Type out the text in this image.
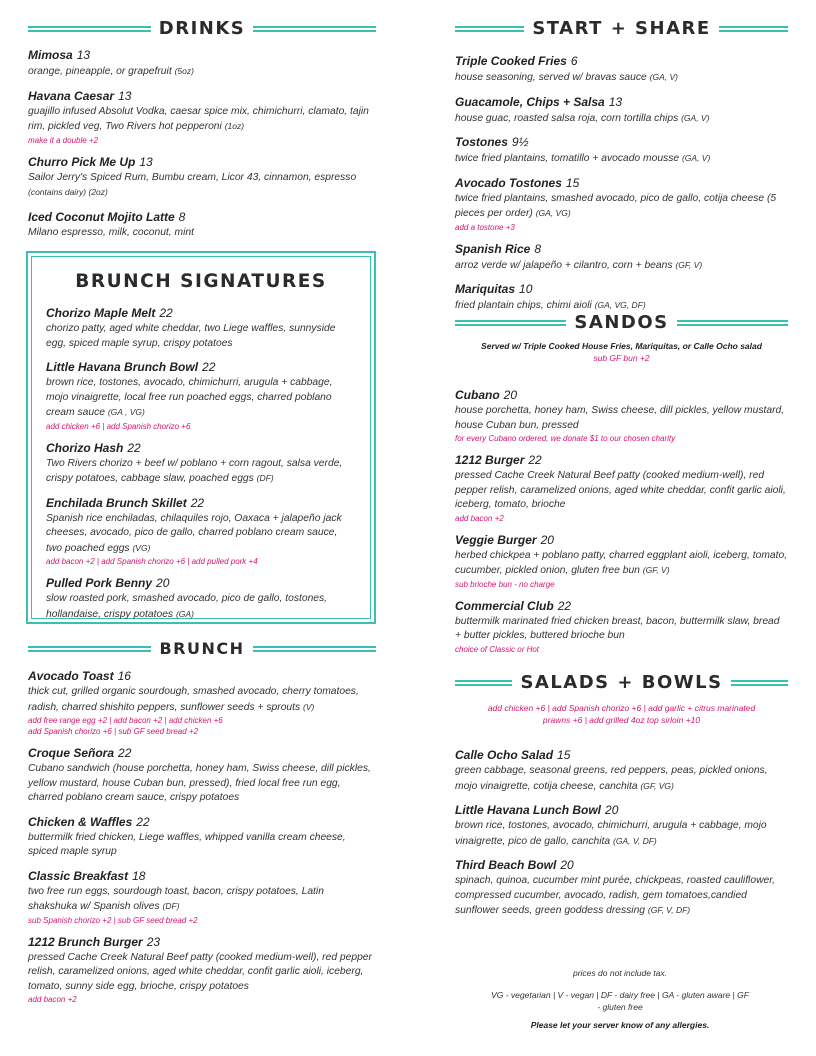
DRINKS
Mimosa 13
orange, pineapple, or grapefruit (5oz)
Havana Caesar 13
guajillo infused Absolut Vodka, caesar spice mix, chimichurri, clamato, tajin rim, pickled veg, Two Rivers hot pepperoni (1oz)
make it a double +2
Churro Pick Me Up 13
Sailor Jerry's Spiced Rum, Bumbu cream, Licor 43, cinnamon, espresso (contains dairy) (2oz)
Iced Coconut Mojito Latte 8
Milano espresso, milk, coconut, mint
BRUNCH SIGNATURES
Chorizo Maple Melt 22
chorizo patty, aged white cheddar, two Liege waffles, sunnyside egg, spiced maple syrup, crispy potatoes
Little Havana Brunch Bowl 22
brown rice, tostones, avocado, chimichurri, arugula + cabbage, mojo vinaigrette, local free run poached eggs, charred poblano cream sauce (GA , VG)
add chicken +6 | add Spanish chorizo +6
Chorizo Hash 22
Two Rivers chorizo + beef w/ poblano + corn ragout, salsa verde, crispy potatoes, cabbage slaw, poached eggs (DF)
Enchilada Brunch Skillet 22
Spanish rice enchiladas, chilaquiles rojo, Oaxaca + jalapeño jack cheeses, avocado, pico de gallo, charred poblano cream sauce, two poached eggs (VG)
add bacon +2 | add Spanish chorizo +6 | add pulled pork +4
Pulled Pork Benny 20
slow roasted pork, smashed avocado, pico de gallo, tostones, hollandaise, crispy potatoes (GA)
BRUNCH
Avocado Toast 16
thick cut, grilled organic sourdough, smashed avocado, cherry tomatoes, radish, charred shishito peppers, sunflower seeds + sprouts (V)
add free range egg +2 | add bacon +2 | add chicken +6
add Spanish chorizo +6 | sub GF seed bread +2
Croque Señora 22
Cubano sandwich (house porchetta, honey ham, Swiss cheese, dill pickles, yellow mustard, house Cuban bun, pressed), fried local free run egg, charred poblano cream sauce, crispy potatoes
Chicken & Waffles 22
buttermilk fried chicken, Liege waffles, whipped vanilla cream cheese, spiced maple syrup
Classic Breakfast 18
two free run eggs, sourdough toast, bacon, crispy potatoes, Latin shakshuka w/ Spanish olives (DF)
sub Spanish chorizo +2 | sub GF seed bread +2
1212 Brunch Burger 23
pressed Cache Creek Natural Beef patty (cooked medium-well), red pepper relish, caramelized onions, aged white cheddar, confit garlic aioli, iceberg, tomato, sunny side egg, brioche, crispy potatoes
add bacon +2
START + SHARE
Triple Cooked Fries 6
house seasoning, served w/ bravas sauce (GA, V)
Guacamole, Chips + Salsa 13
house guac, roasted salsa roja, corn tortilla chips (GA, V)
Tostones 9½
twice fried plantains, tomatillo + avocado mousse (GA, V)
Avocado Tostones 15
twice fried plantains, smashed avocado, pico de gallo, cotija cheese (5 pieces per order) (GA, VG)
add a tostone +3
Spanish Rice 8
arroz verde w/ jalapeño + cilantro, corn + beans (GF, V)
Mariquitas 10
fried plantain chips, chimi aioli (GA, VG, DF)
SANDOS
Served w/ Triple Cooked House Fries, Mariquitas, or Calle Ocho salad
sub GF bun +2
Cubano 20
house porchetta, honey ham, Swiss cheese, dill pickles, yellow mustard, house Cuban bun, pressed
for every Cubano ordered, we donate $1 to our chosen charity
1212 Burger 22
pressed Cache Creek Natural Beef patty (cooked medium-well), red pepper relish, caramelized onions, aged white cheddar, confit garlic aioli, iceberg, tomato, brioche
add bacon +2
Veggie Burger 20
herbed chickpea + poblano patty, charred eggplant aioli, iceberg, tomato, cucumber, pickled onion, gluten free bun (GF, V)
sub brioche bun - no charge
Commercial Club 22
buttermilk marinated fried chicken breast, bacon, buttermilk slaw, bread + butter pickles, buttered brioche bun
choice of Classic or Hot
SALADS + BOWLS
add chicken +6 | add Spanish chorizo +6 | add garlic + citrus marinated prawns +6 | add grilled 4oz top sirloin +10
Calle Ocho Salad 15
green cabbage, seasonal greens, red peppers, peas, pickled onions, mojo vinaigrette, cotija cheese, canchita (GF, VG)
Little Havana Lunch Bowl 20
brown rice, tostones, avocado, chimichurri, arugula + cabbage, mojo vinaigrette, pico de gallo, canchita (GA, V, DF)
Third Beach Bowl 20
spinach, quinoa, cucumber mint purée, chickpeas, roasted cauliflower, compressed cucumber, avocado, radish, gem tomatoes,candied sunflower seeds, green goddess dressing (GF, V, DF)
prices do not include tax.
VG - vegetarian | V - vegan | DF - dairy free | GA - gluten aware | GF - gluten free
Please let your server know of any allergies.
